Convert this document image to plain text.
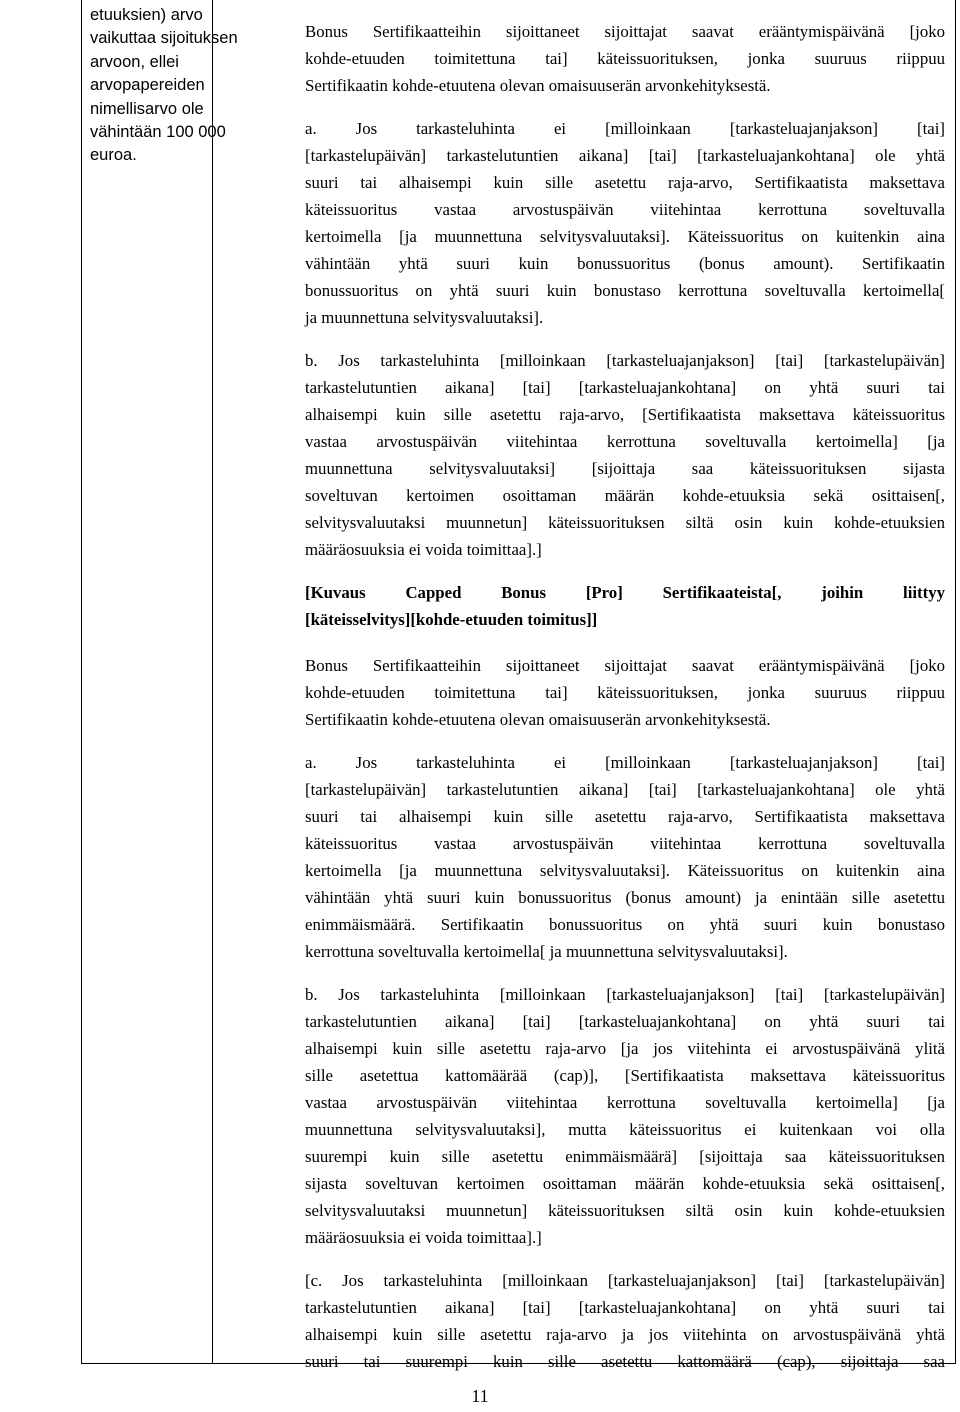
etuuksien) arvo
vaikuttaa sijoituksen
arvoon, ellei
arvopapereiden
nimellisarvo ole
vähintään 100 000
euroa.
Bonus Sertifikaatteihin sijoittaneet sijoittajat saavat erääntymispäivänä [joko
kohde-etuuden toimitettuna tai] käteissuorituksen, jonka suuruus riippuu
Sertifikaatin kohde-etuutena olevan omaisuuserän arvonkehityksestä.
a. Jos tarkasteluhinta ei [milloinkaan [tarkasteluajanjakson] [tai]
[tarkastelupäivän] tarkastelutuntien aikana] [tai] [tarkasteluajankohtana] ole yhtä
suuri tai alhaisempi kuin sille asetettu raja-arvo, Sertifikaatista maksettava
käteissuoritus vastaa arvostuspäivän viitehintaa kerrottuna soveltuvalla
kertoimella [ja muunnettuna selvitysvaluutaksi]. Käteissuoritus on kuitenkin aina
vähintään yhtä suuri kuin bonussuoritus (bonus amount). Sertifikaatin
bonussuoritus on yhtä suuri kuin bonustaso kerrottuna soveltuvalla kertoimella[
ja muunnettuna selvitysvaluutaksi].
b. Jos tarkasteluhinta [milloinkaan [tarkasteluajanjakson] [tai] [tarkastelupäivän]
tarkastelutuntien aikana] [tai] [tarkasteluajankohtana] on yhtä suuri tai
alhaisempi kuin sille asetettu raja-arvo, [Sertifikaatista maksettava käteissuoritus
vastaa arvostuspäivän viitehintaa kerrottuna soveltuvalla kertoimella] [ja
muunnettuna selvitysvaluutaksi] [sijoittaja saa käteissuorituksen sijasta
soveltuvan kertoimen osoittaman määrän kohde-etuuksia sekä osittaisen[,
selvitysvaluutaksi muunnetun] käteissuorituksen siltä osin kuin kohde-etuuksien
määräosuuksia ei voida toimittaa].]
[Kuvaus Capped Bonus [Pro] Sertifikaateista[, joihin liittyy
[käteisselvitys][kohde-etuuden toimitus]]
Bonus Sertifikaatteihin sijoittaneet sijoittajat saavat erääntymispäivänä [joko
kohde-etuuden toimitettuna tai] käteissuorituksen, jonka suuruus riippuu
Sertifikaatin kohde-etuutena olevan omaisuuserän arvonkehityksestä.
a. Jos tarkasteluhinta ei [milloinkaan [tarkasteluajanjakson] [tai]
[tarkastelupäivän] tarkastelutuntien aikana] [tai] [tarkasteluajankohtana] ole yhtä
suuri tai alhaisempi kuin sille asetettu raja-arvo, Sertifikaatista maksettava
käteissuoritus vastaa arvostuspäivän viitehintaa kerrottuna soveltuvalla
kertoimella [ja muunnettuna selvitysvaluutaksi]. Käteissuoritus on kuitenkin aina
vähintään yhtä suuri kuin bonussuoritus (bonus amount) ja enintään sille asetettu
enimmäismäärä. Sertifikaatin bonussuoritus on yhtä suuri kuin bonustaso
kerrottuna soveltuvalla kertoimella[ ja muunnettuna selvitysvaluutaksi].
b. Jos tarkasteluhinta [milloinkaan [tarkasteluajanjakson] [tai] [tarkastelupäivän]
tarkastelutuntien aikana] [tai] [tarkasteluajankohtana] on yhtä suuri tai
alhaisempi kuin sille asetettu raja-arvo [ja jos viitehinta ei arvostuspäivänä ylitä
sille asetettua kattomäärää (cap)], [Sertifikaatista maksettava käteissuoritus
vastaa arvostuspäivän viitehintaa kerrottuna soveltuvalla kertoimella] [ja
muunnettuna selvitysvaluutaksi], mutta käteissuoritus ei kuitenkaan voi olla
suurempi kuin sille asetettu enimmäismäärä] [sijoittaja saa käteissuorituksen
sijasta soveltuvan kertoimen osoittaman määrän kohde-etuuksia sekä osittaisen[,
selvitysvaluutaksi muunnetun] käteissuorituksen siltä osin kuin kohde-etuuksien
määräosuuksia ei voida toimittaa].]
[c. Jos tarkasteluhinta [milloinkaan [tarkasteluajanjakson] [tai] [tarkastelupäivän]
tarkastelutuntien aikana] [tai] [tarkasteluajankohtana] on yhtä suuri tai
alhaisempi kuin sille asetettu raja-arvo ja jos viitehinta on arvostuspäivänä yhtä
suuri tai suurempi kuin sille asetettu kattomäärä (cap), sijoittaja saa
11
